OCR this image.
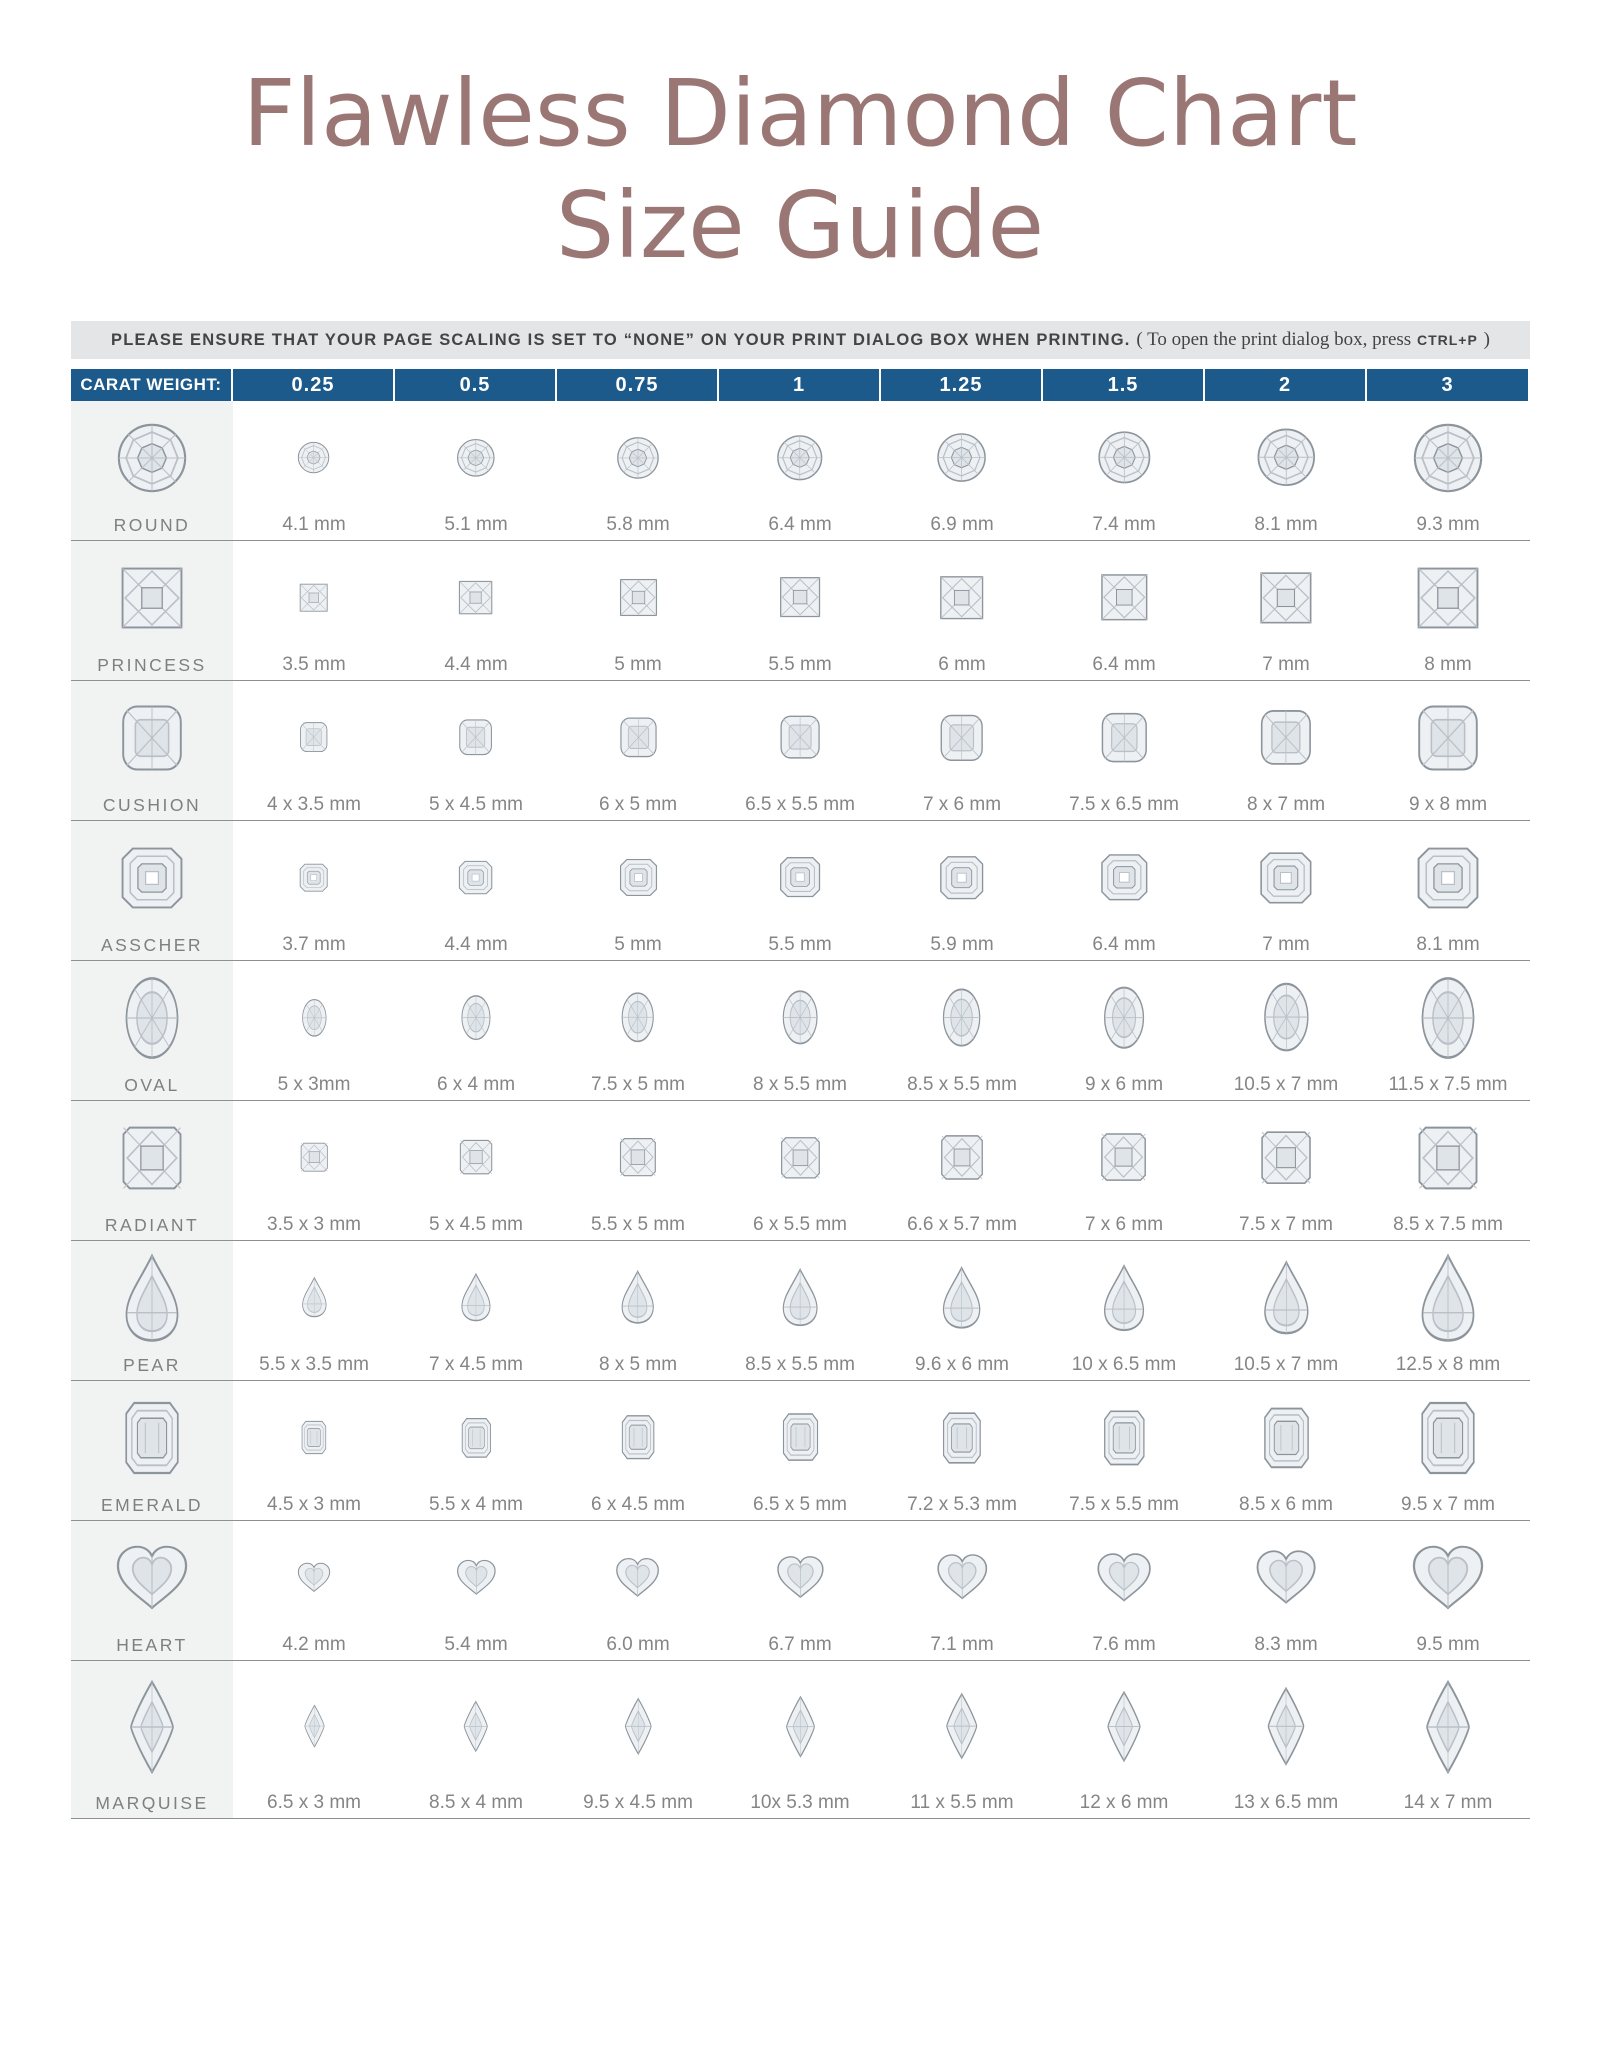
Flawless Diamond Chart
Size Guide
PLEASE ENSURE THAT YOUR PAGE SCALING IS SET TO “NONE” ON YOUR PRINT DIALOG BOX WHEN PRINTING. ( To open the print dialog box, press CTRL+P )
CARAT WEIGHT:	0.25	0.5	0.75	1	1.25	1.5	2	3
ROUND	4.1 mm	5.1 mm	5.8 mm	6.4 mm	6.9 mm	7.4 mm	8.1 mm	9.3 mm
PRINCESS	3.5 mm	4.4 mm	5 mm	5.5 mm	6 mm	6.4 mm	7 mm	8 mm
CUSHION	4 x 3.5 mm	5 x 4.5 mm	6 x 5 mm	6.5 x 5.5 mm	7 x 6 mm	7.5 x 6.5 mm	8 x 7 mm	9 x 8 mm
ASSCHER	3.7 mm	4.4 mm	5 mm	5.5 mm	5.9 mm	6.4 mm	7 mm	8.1 mm
OVAL	5 x 3mm	6 x 4 mm	7.5 x 5 mm	8 x 5.5 mm	8.5 x 5.5 mm	9 x 6 mm	10.5 x 7 mm	11.5 x 7.5 mm
RADIANT	3.5 x 3 mm	5 x 4.5 mm	5.5 x 5 mm	6 x 5.5 mm	6.6 x 5.7 mm	7 x 6 mm	7.5 x 7 mm	8.5 x 7.5 mm
PEAR	5.5 x 3.5 mm	7 x 4.5 mm	8 x 5 mm	8.5 x 5.5 mm	9.6 x 6 mm	10 x 6.5 mm	10.5 x 7 mm	12.5 x 8 mm
EMERALD	4.5 x 3 mm	5.5 x 4 mm	6 x 4.5 mm	6.5 x 5 mm	7.2 x 5.3 mm	7.5 x 5.5 mm	8.5 x 6 mm	9.5 x 7 mm
HEART	4.2 mm	5.4 mm	6.0 mm	6.7 mm	7.1 mm	7.6 mm	8.3 mm	9.5 mm
MARQUISE	6.5 x 3 mm	8.5 x 4 mm	9.5 x 4.5 mm	10x 5.3 mm	11 x 5.5 mm	12 x 6 mm	13 x 6.5 mm	14 x 7 mm
